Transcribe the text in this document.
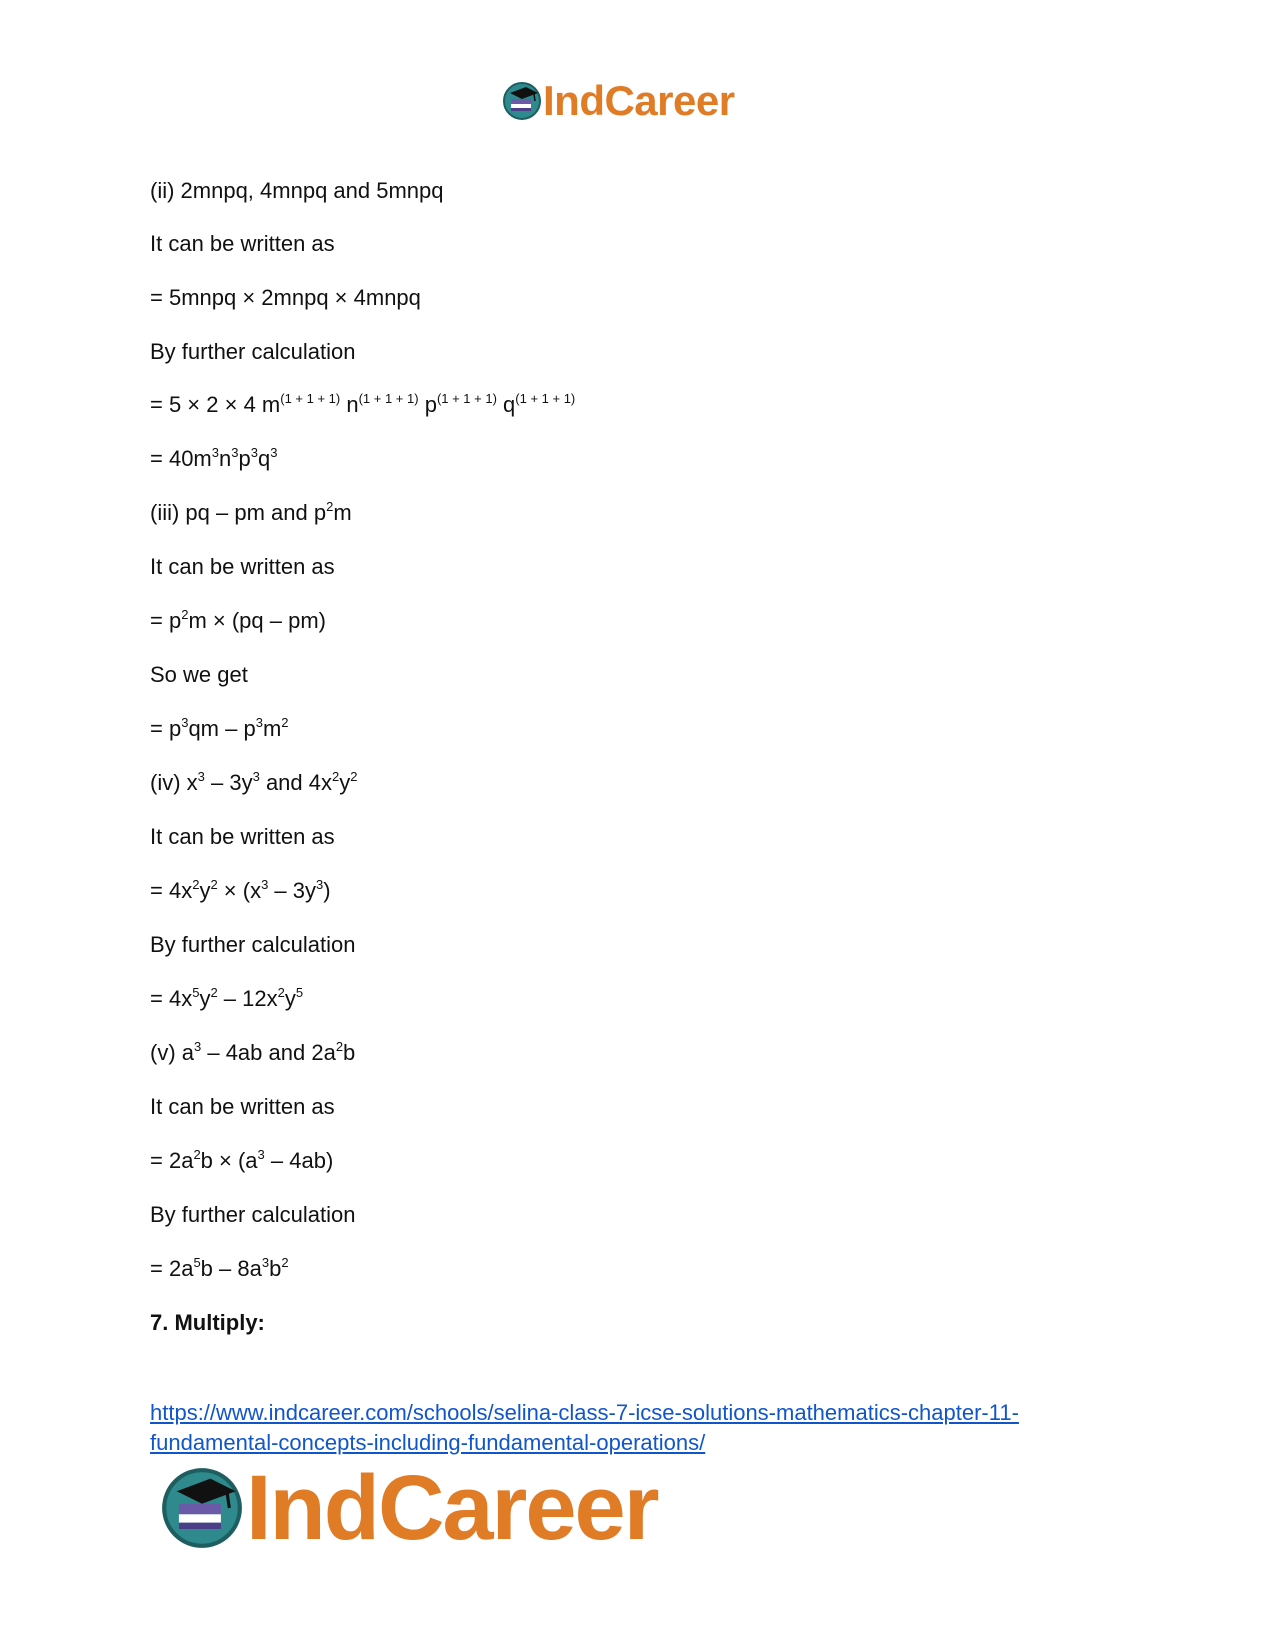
IndCareer
(ii) 2mnpq, 4mnpq and 5mnpq
It can be written as
= 5mnpq × 2mnpq × 4mnpq
By further calculation
= 5 × 2 × 4 $m^{(1 + 1 + 1)}$ $n^{(1 + 1 + 1)}$ $p^{(1 + 1 + 1)}$ $q^{(1 + 1 + 1)}$
= $40m^3n^3p^3q^3$
(iii) pq – pm and $p^2m$
It can be written as
= $p^2m \times (pq - pm)$
So we get
= $p^3qm - p^3m^2$
(iv) $x^3 - 3y^3$ and $4x^2y^2$
It can be written as
= $4x^2y^2 \times (x^3 - 3y^3)$
By further calculation
= $4x^5y^2 - 12x^2y^5$
(v) $a^3 - 4ab$ and $2a^2b$
It can be written as
= $2a^2b \times (a^3 - 4ab)$
By further calculation
= $2a^5b - 8a^3b^2$
7. Multiply:
https://www.indcareer.com/schools/selina-class-7-icse-solutions-mathematics-chapter-11-fundamental-concepts-including-fundamental-operations/
IndCareer
